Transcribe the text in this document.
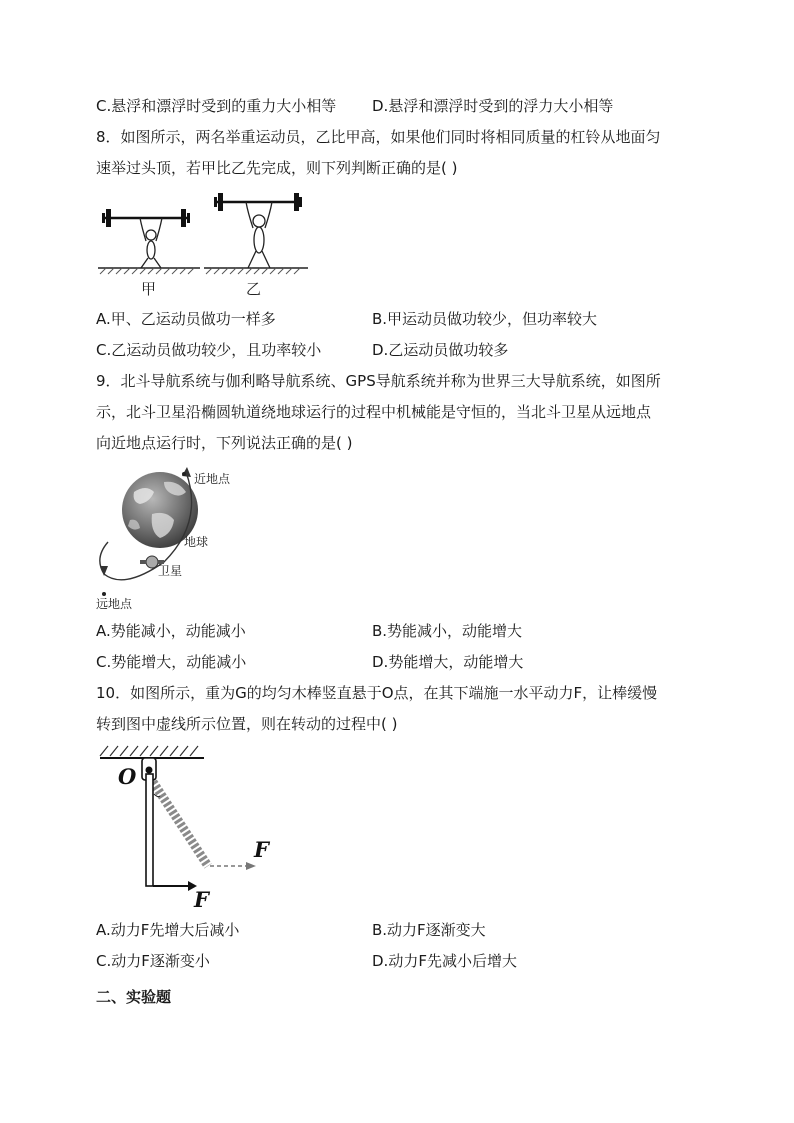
C.悬浮和漂浮时受到的重力大小相等 D.悬浮和漂浮时受到的浮力大小相等
8．如图所示，两名举重运动员，乙比甲高，如果他们同时将相同质量的杠铃从地面匀
速举过头顶，若甲比乙先完成，则下列判断正确的是( )
甲	乙
A.甲、乙运动员做功一样多	B.甲运动员做功较少，但功率较大
C.乙运动员做功较少，且功率较小	D.乙运动员做功较多
9．北斗导航系统与伽利略导航系统、GPS导航系统并称为世界三大导航系统，如图所
示，北斗卫星沿椭圆轨道绕地球运行的过程中机械能是守恒的，当北斗卫星从远地点
向近地点运行时，下列说法正确的是( )
近地点
地球
卫星
远地点
A.势能减小，动能减小	B.势能减小，动能增大
C.势能增大，动能减小	D.势能增大，动能增大
10．如图所示，重为G的均匀木棒竖直悬于O点，在其下端施一水平动力F，让棒缓慢
转到图中虚线所示位置，则在转动的过程中( )
O
F
F
A.动力F先增大后减小	B.动力F逐渐变大
C.动力F逐渐变小	D.动力F先减小后增大
二、实验题
